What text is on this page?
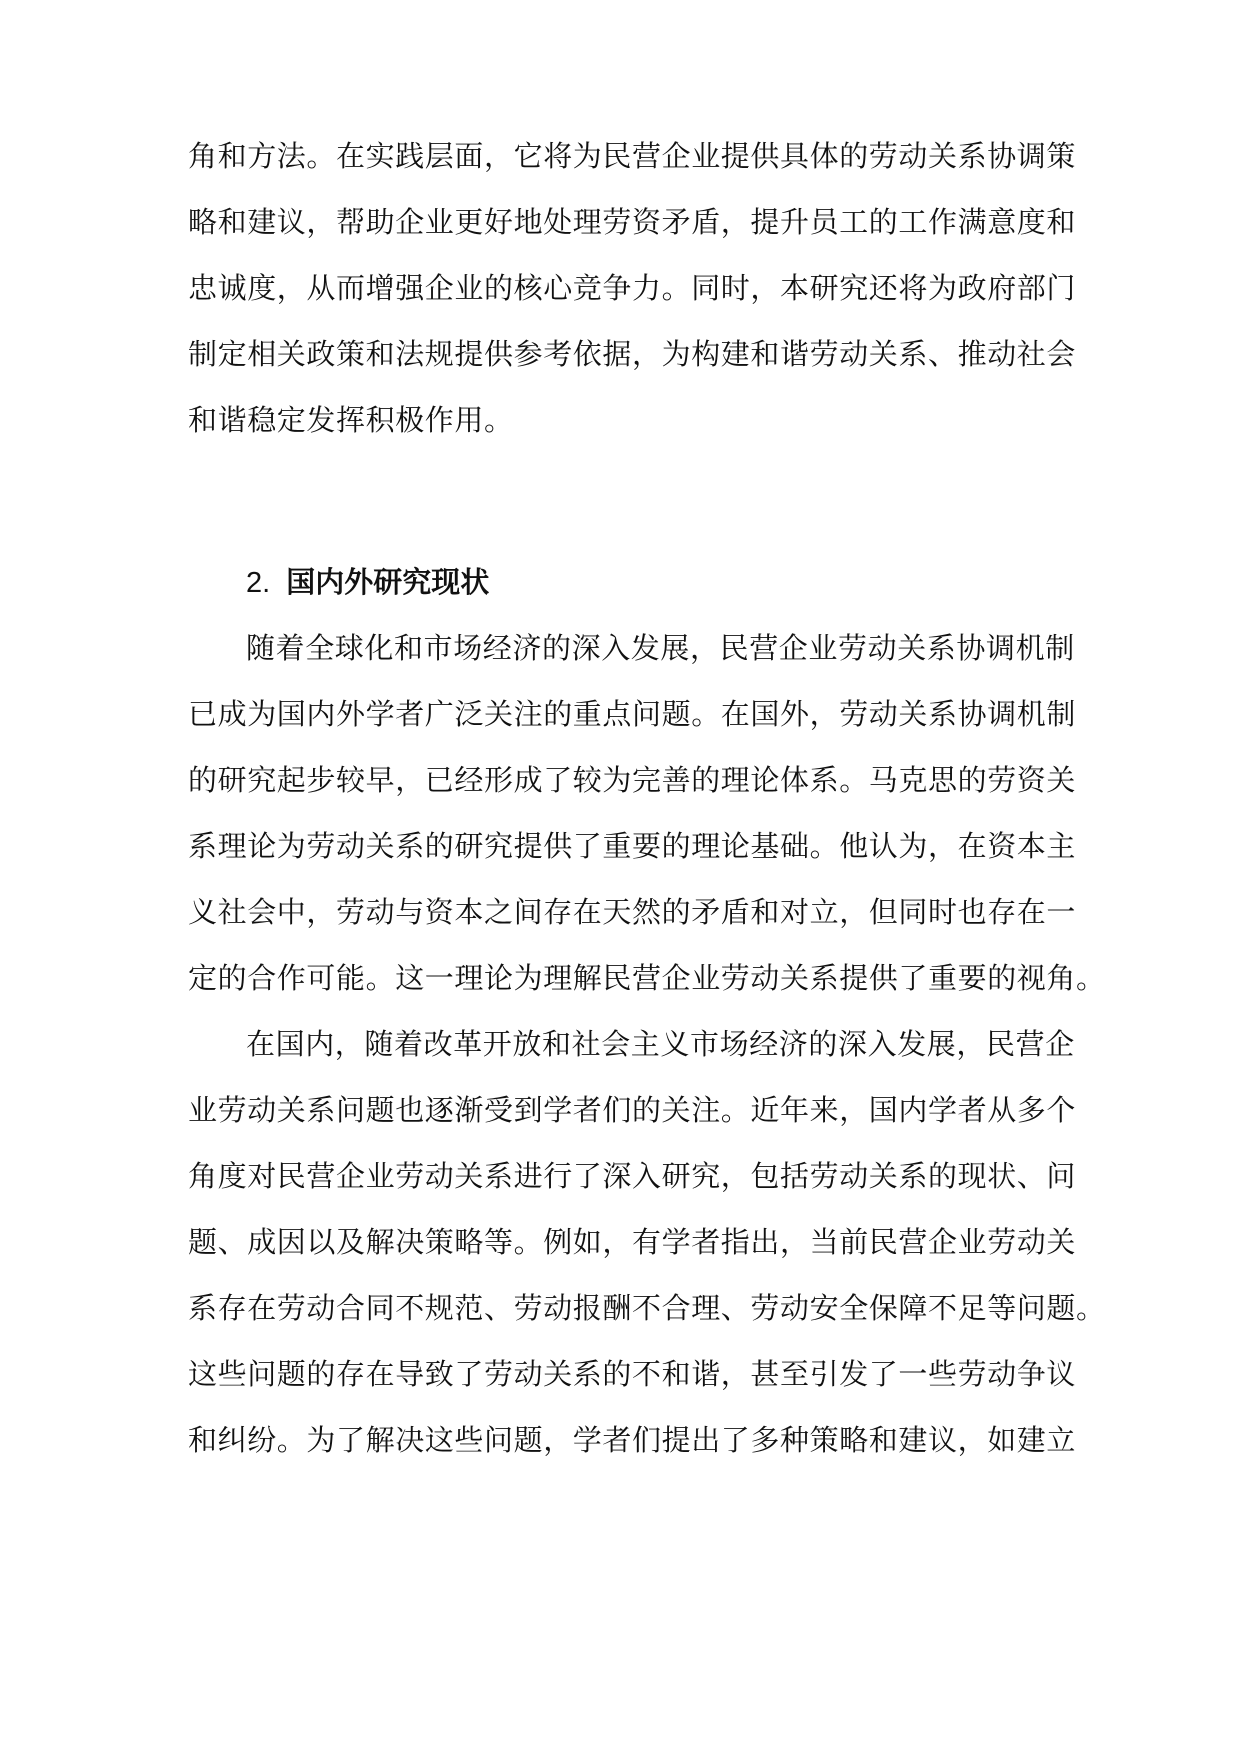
角和方法。在实践层面，它将为民营企业提供具体的劳动关系协调策
略和建议，帮助企业更好地处理劳资矛盾，提升员工的工作满意度和
忠诚度，从而增强企业的核心竞争力。同时，本研究还将为政府部门
制定相关政策和法规提供参考依据，为构建和谐劳动关系、推动社会
和谐稳定发挥积极作用。
2. 国内外研究现状
随着全球化和市场经济的深入发展，民营企业劳动关系协调机制
已成为国内外学者广泛关注的重点问题。在国外，劳动关系协调机制
的研究起步较早，已经形成了较为完善的理论体系。马克思的劳资关
系理论为劳动关系的研究提供了重要的理论基础。他认为，在资本主
义社会中，劳动与资本之间存在天然的矛盾和对立，但同时也存在一
定的合作可能。这一理论为理解民营企业劳动关系提供了重要的视角。
在国内，随着改革开放和社会主义市场经济的深入发展，民营企
业劳动关系问题也逐渐受到学者们的关注。近年来，国内学者从多个
角度对民营企业劳动关系进行了深入研究，包括劳动关系的现状、问
题、成因以及解决策略等。例如，有学者指出，当前民营企业劳动关
系存在劳动合同不规范、劳动报酬不合理、劳动安全保障不足等问题。
这些问题的存在导致了劳动关系的不和谐，甚至引发了一些劳动争议
和纠纷。为了解决这些问题，学者们提出了多种策略和建议，如建立
